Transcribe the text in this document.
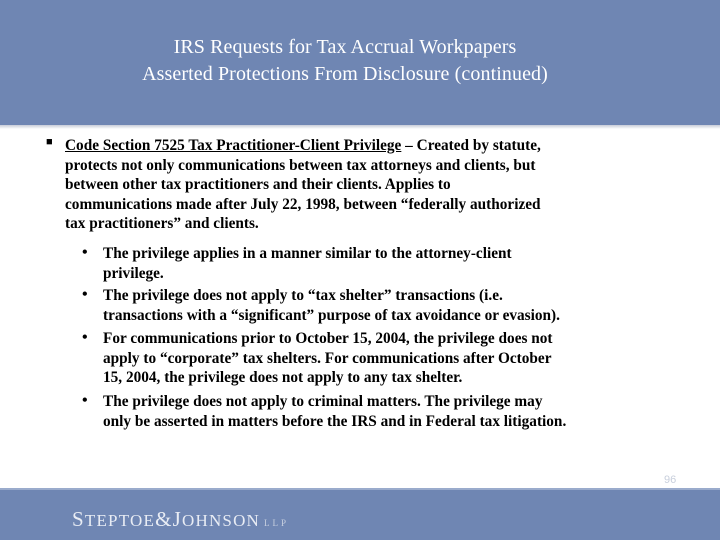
IRS Requests for Tax Accrual Workpapers
Asserted Protections From Disclosure (continued)
■ Code Section 7525 Tax Practitioner-Client Privilege – Created by statute,
protects not only communications between tax attorneys and clients, but
between other tax practitioners and their clients. Applies to
communications made after July 22, 1998, between “federally authorized
tax practitioners” and clients.
• The privilege applies in a manner similar to the attorney-client
privilege.
• The privilege does not apply to “tax shelter” transactions (i.e.
transactions with a “significant” purpose of tax avoidance or evasion).
• For communications prior to October 15, 2004, the privilege does not
apply to “corporate” tax shelters. For communications after October
15, 2004, the privilege does not apply to any tax shelter.
• The privilege does not apply to criminal matters. The privilege may
only be asserted in matters before the IRS and in Federal tax litigation.
96
STEPTOE&JOHNSON LLP
